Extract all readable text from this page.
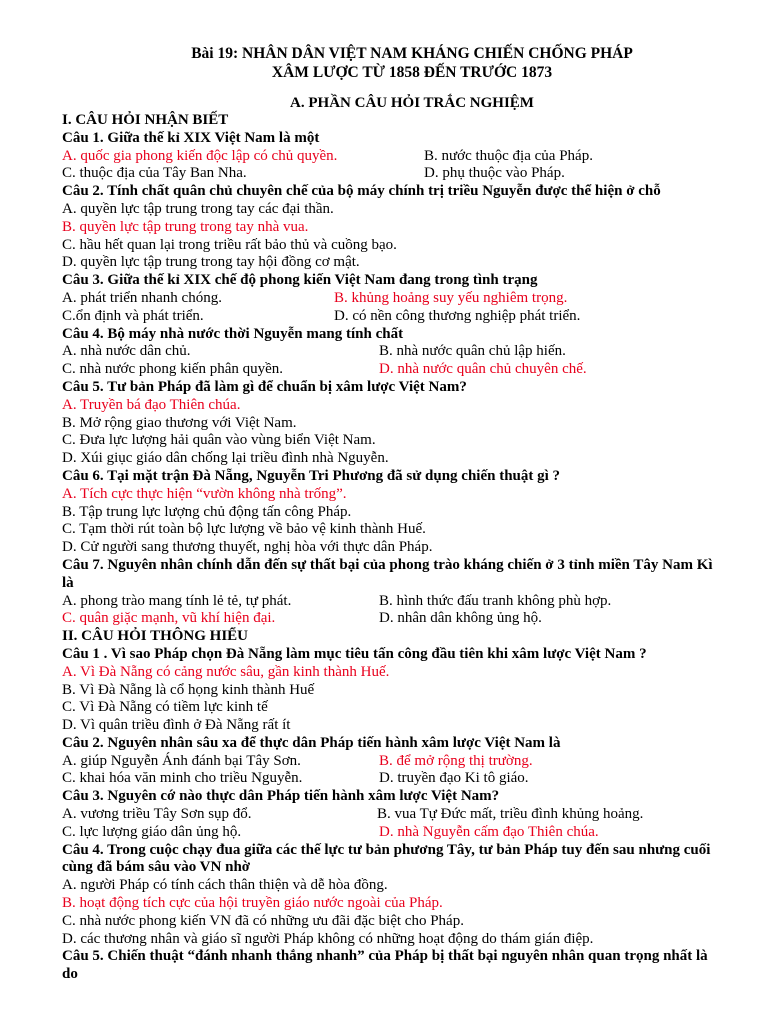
Bài 19: NHÂN DÂN VIỆT NAM KHÁNG CHIẾN CHỐNG PHÁP
XÂM LƯỢC TỪ 1858 ĐẾN TRƯỚC 1873
A. PHẦN CÂU HỎI TRẮC NGHIỆM
I. CÂU HỎI NHẬN BIẾT
Câu 1. Giữa thế kỉ XIX Việt Nam là một
A. quốc gia phong kiến độc lập có chủ quyền.	B. nước thuộc địa của Pháp.
C. thuộc địa của Tây Ban Nha.	D. phụ thuộc vào Pháp.
Câu 2. Tính chất quân chủ chuyên chế của bộ máy chính trị triều Nguyễn được thể hiện ở chỗ
A. quyền lực tập trung trong tay các đại thần.
B. quyền lực tập trung trong tay nhà vua.
C. hầu hết quan lại trong triều rất bảo thủ và cuồng bạo.
D. quyền lực tập trung trong tay hội đồng cơ mật.
Câu 3. Giữa thế kỉ XIX chế độ phong kiến Việt Nam đang trong tình trạng
A. phát triển nhanh chóng.	B. khủng hoảng suy yếu nghiêm trọng.
C.ổn định và phát triển.	D. có nền công thương nghiệp phát triển.
Câu 4. Bộ máy nhà nước thời Nguyễn mang tính chất
A. nhà nước dân chủ.	B. nhà nước quân chủ lập hiến.
C. nhà nước phong kiến phân quyền.	D. nhà nước quân chủ chuyên chế.
Câu 5. Tư bản Pháp đã làm gì để chuẩn bị xâm lược Việt Nam?
A. Truyền bá đạo Thiên chúa.
B. Mở rộng giao thương với Việt Nam.
C. Đưa lực lượng hải quân vào vùng biển Việt Nam.
D. Xúi giục giáo dân chống lại triều đình nhà Nguyễn.
Câu 6. Tại mặt trận Đà Nẵng, Nguyễn Tri Phương đã sử dụng chiến thuật gì ?
A. Tích cực thực hiện “vườn không nhà trống”.
B. Tập trung lực lượng chủ động tấn công Pháp.
C. Tạm thời rút toàn bộ lực lượng về bảo vệ kinh thành Huế.
D. Cử người sang thương thuyết, nghị hòa với thực dân Pháp.
Câu 7. Nguyên nhân chính dẫn đến sự thất bại của phong trào kháng chiến ở 3 tỉnh miền Tây Nam Kì là
A. phong trào mang tính lẻ tẻ, tự phát.	B. hình thức đấu tranh không phù hợp.
C. quân giặc mạnh, vũ khí hiện đại.	D. nhân dân không ủng hộ.
II. CÂU HỎI THÔNG HIỂU
Câu 1 . Vì sao Pháp chọn Đà Nẵng làm mục tiêu tấn công đầu tiên khi xâm lược Việt Nam ?
A. Vì Đà Nẵng có cảng nước sâu, gần kinh thành Huế.
B. Vì Đà Nẵng là cổ họng kinh thành Huế
C. Vì Đà Nẵng có tiềm lực kinh tế
D. Vì quân triều đình ở Đà Nẵng rất ít
Câu 2. Nguyên nhân sâu xa để thực dân Pháp tiến hành xâm lược Việt Nam là
A. giúp Nguyễn Ánh đánh bại Tây Sơn.	B. để mở rộng thị trường.
C. khai hóa văn minh cho triều Nguyễn.	D. truyền đạo Ki tô giáo.
Câu 3. Nguyên cớ nào thực dân Pháp tiến hành xâm lược Việt Nam?
A. vương triều Tây Sơn sụp đổ.	B. vua Tự Đức mất, triều đình khủng hoảng.
C. lực lượng giáo dân ủng hộ.	D. nhà Nguyễn cấm đạo Thiên chúa.
Câu 4. Trong cuộc chạy đua giữa các thế lực tư bản phương Tây, tư bản Pháp tuy đến sau nhưng cuối cùng đã bám sâu vào VN nhờ
A. người Pháp có tính cách thân thiện và dễ hòa đồng.
B. hoạt động tích cực của hội truyền giáo nước ngoài của Pháp.
C. nhà nước phong kiến VN đã có những ưu đãi đặc biệt cho Pháp.
D. các thương nhân và giáo sĩ người Pháp không có những hoạt động do thám gián điệp.
Câu 5. Chiến thuật “đánh nhanh thắng nhanh” của Pháp bị thất bại nguyên nhân quan trọng nhất là do
